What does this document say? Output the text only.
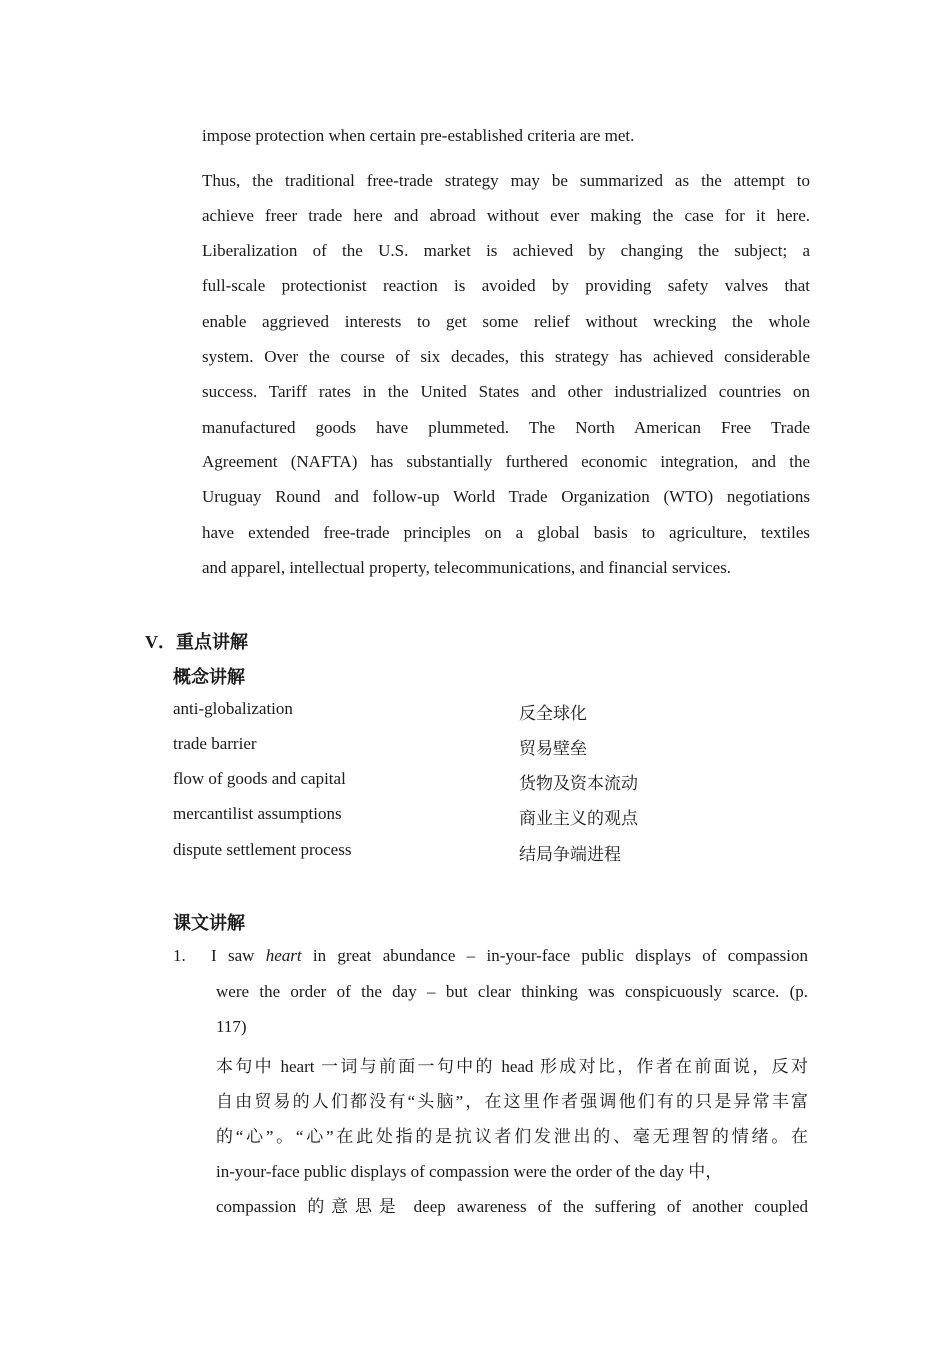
impose protection when certain pre-established criteria are met.
Thus, the traditional free-trade strategy may be summarized as the attempt to
achieve freer trade here and abroad without ever making the case for it here.
Liberalization of the U.S. market is achieved by changing the subject; a
full-scale protectionist reaction is avoided by providing safety valves that
enable aggrieved interests to get some relief without wrecking the whole
system. Over the course of six decades, this strategy has achieved considerable
success. Tariff rates in the United States and other industrialized countries on
manufactured goods have plummeted. The North American Free Trade
Agreement (NAFTA) has substantially furthered economic integration, and the
Uruguay Round and follow-up World Trade Organization (WTO) negotiations
have extended free-trade principles on a global basis to agriculture, textiles
and apparel, intellectual property, telecommunications, and financial services.
V．重点讲解
概念讲解
anti-globalization	反全球化
trade barrier	贸易壁垒
flow of goods and capital	货物及资本流动
mercantilist assumptions	商业主义的观点
dispute settlement process	结局争端进程
课文讲解
1. I saw heart in great abundance – in-your-face public displays of compassion
were the order of the day – but clear thinking was conspicuously scarce. (p.
117)
本句中 heart 一词与前面一句中的 head 形成对比，作者在前面说，反对
自由贸易的人们都没有“头脑”，在这里作者强调他们有的只是异常丰富
的“心”。“心”在此处指的是抗议者们发泄出的、毫无理智的情绪。在
in-your-face public displays of compassion were the order of the day 中，
compassion 的意思是 deep awareness of the suffering of another coupled
